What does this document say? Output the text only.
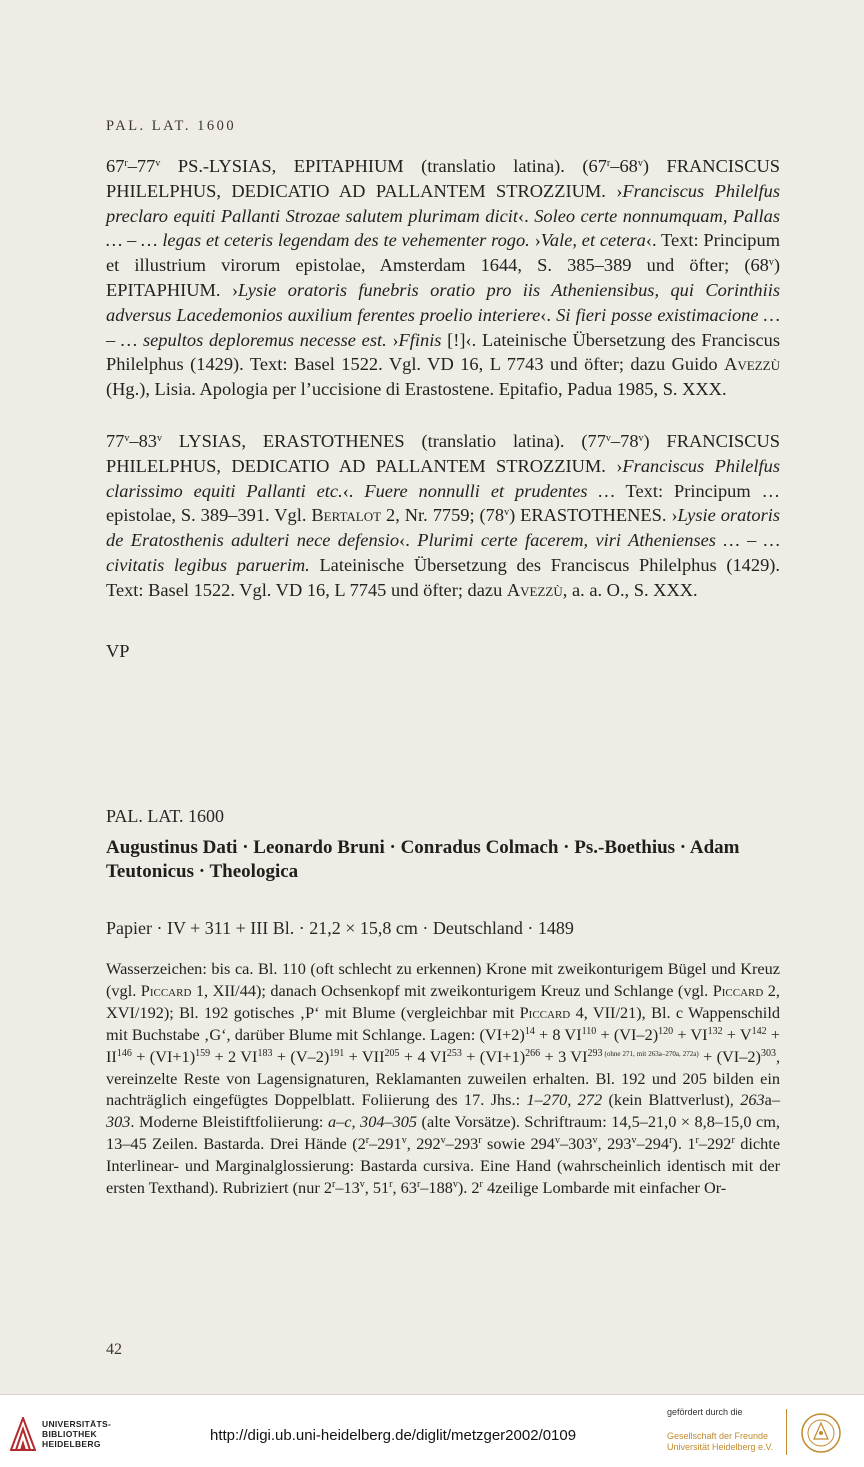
PAL. LAT. 1600
67$^r$–77$^v$ PS.-LYSIAS, EPITAPHIUM (translatio latina). (67$^r$–68$^v$) FRANCISCUS PHILELPHUS, DEDICATIO AD PALLANTEM STROZZIUM. ›Franciscus Philelfus preclaro equiti Pallanti Strozae salutem plurimam dicit‹. Soleo certe nonnumquam, Pallas … – … legas et ceteris legendam des te vehementer rogo. ›Vale, et cetera‹. Text: Principum et illustrium virorum epistolae, Amsterdam 1644, S. 385–389 und öfter; (68$^v$) EPITAPHIUM. ›Lysie oratoris funebris oratio pro iis Atheniensibus, qui Corinthiis adversus Lacedemonios auxilium ferentes proelio interiere‹. Si fieri posse existimacione … – … sepultos deploremus necesse est. ›Ffinis [!]‹. Lateinische Übersetzung des Franciscus Philelphus (1429). Text: Basel 1522. Vgl. VD 16, L 7743 und öfter; dazu Guido Avezzù (Hg.), Lisia. Apologia per l’uccisione di Erastostene. Epitafio, Padua 1985, S. XXX.
77$^v$–83$^v$ LYSIAS, ERASTOTHENES (translatio latina). (77$^v$–78$^v$) FRANCISCUS PHILELPHUS, DEDICATIO AD PALLANTEM STROZZIUM. ›Franciscus Philelfus clarissimo equiti Pallanti etc.‹. Fuere nonnulli et prudentes … Text: Principum … epistolae, S. 389–391. Vgl. Bertalot 2, Nr. 7759; (78$^v$) ERASTOTHENES. ›Lysie oratoris de Eratosthenis adulteri nece defensio‹. Plurimi certe facerem, viri Athenienses … – … civitatis legibus paruerim. Lateinische Übersetzung des Franciscus Philelphus (1429). Text: Basel 1522. Vgl. VD 16, L 7745 und öfter; dazu Avezzù, a. a. O., S. XXX.
VP
PAL. LAT. 1600
Augustinus Dati · Leonardo Bruni · Conradus Colmach · Ps.-Boethius · Adam Teutonicus · Theologica
Papier · IV + 311 + III Bl. · 21,2 × 15,8 cm · Deutschland · 1489
Wasserzeichen: bis ca. Bl. 110 (oft schlecht zu erkennen) Krone mit zweikonturigem Bügel und Kreuz (vgl. Piccard 1, XII/44); danach Ochsenkopf mit zweikonturigem Kreuz und Schlange (vgl. Piccard 2, XVI/192); Bl. 192 gotisches ‚P‘ mit Blume (vergleichbar mit Piccard 4, VII/21), Bl. c Wappenschild mit Buchstabe ‚G‘, darüber Blume mit Schlange. Lagen: $(VI+2)^{14} + 8$ $VI^{110} + (VI-2)^{120} + VI^{132} + V^{142} + II^{146} + (VI+1)^{159} + 2$ $VI^{183} + (V-2)^{191} + VII^{205} + 4$ $VI^{253} + (VI+1)^{266} + 3$ VI$^{293}$ $^{(ohne 271, mit 263a-270a, 272a)} + (VI-2)^{303}$, vereinzelte Reste von Lagensignaturen, Reklamanten zuweilen erhalten. Bl. 192 und 205 bilden ein nachträglich eingefügtes Doppelblatt. Foliierung des 17. Jhs.: 1–270, 272 (kein Blattverlust), 263a–303. Moderne Bleistiftfoliierung: a–c, 304–305 (alte Vorsätze). Schriftraum: 14,5–21,0 × 8,8–15,0 cm, 13–45 Zeilen. Bastarda. Drei Hände (2$^r$–291$^v$, 292$^v$–293$^r$ sowie 294$^v$–303$^v$, 293$^v$–294$^r$). 1$^r$–292$^r$ dichte Interlinear- und Marginalglossierung: Bastarda cursiva. Eine Hand (wahrscheinlich identisch mit der ersten Texthand). Rubriziert (nur 2$^r$–13$^v$, 51$^r$, 63$^r$–188$^v$). 2$^r$ 4zeilige Lombarde mit einfacher Or-
42
UNIVERSITÄTS-
BIBLIOTHEK
HEIDELBERG	http://digi.ub.uni-heidelberg.de/diglit/metzger2002/0109
gefördert durch die
Gesellschaft der Freunde
Universität Heidelberg e.V.
